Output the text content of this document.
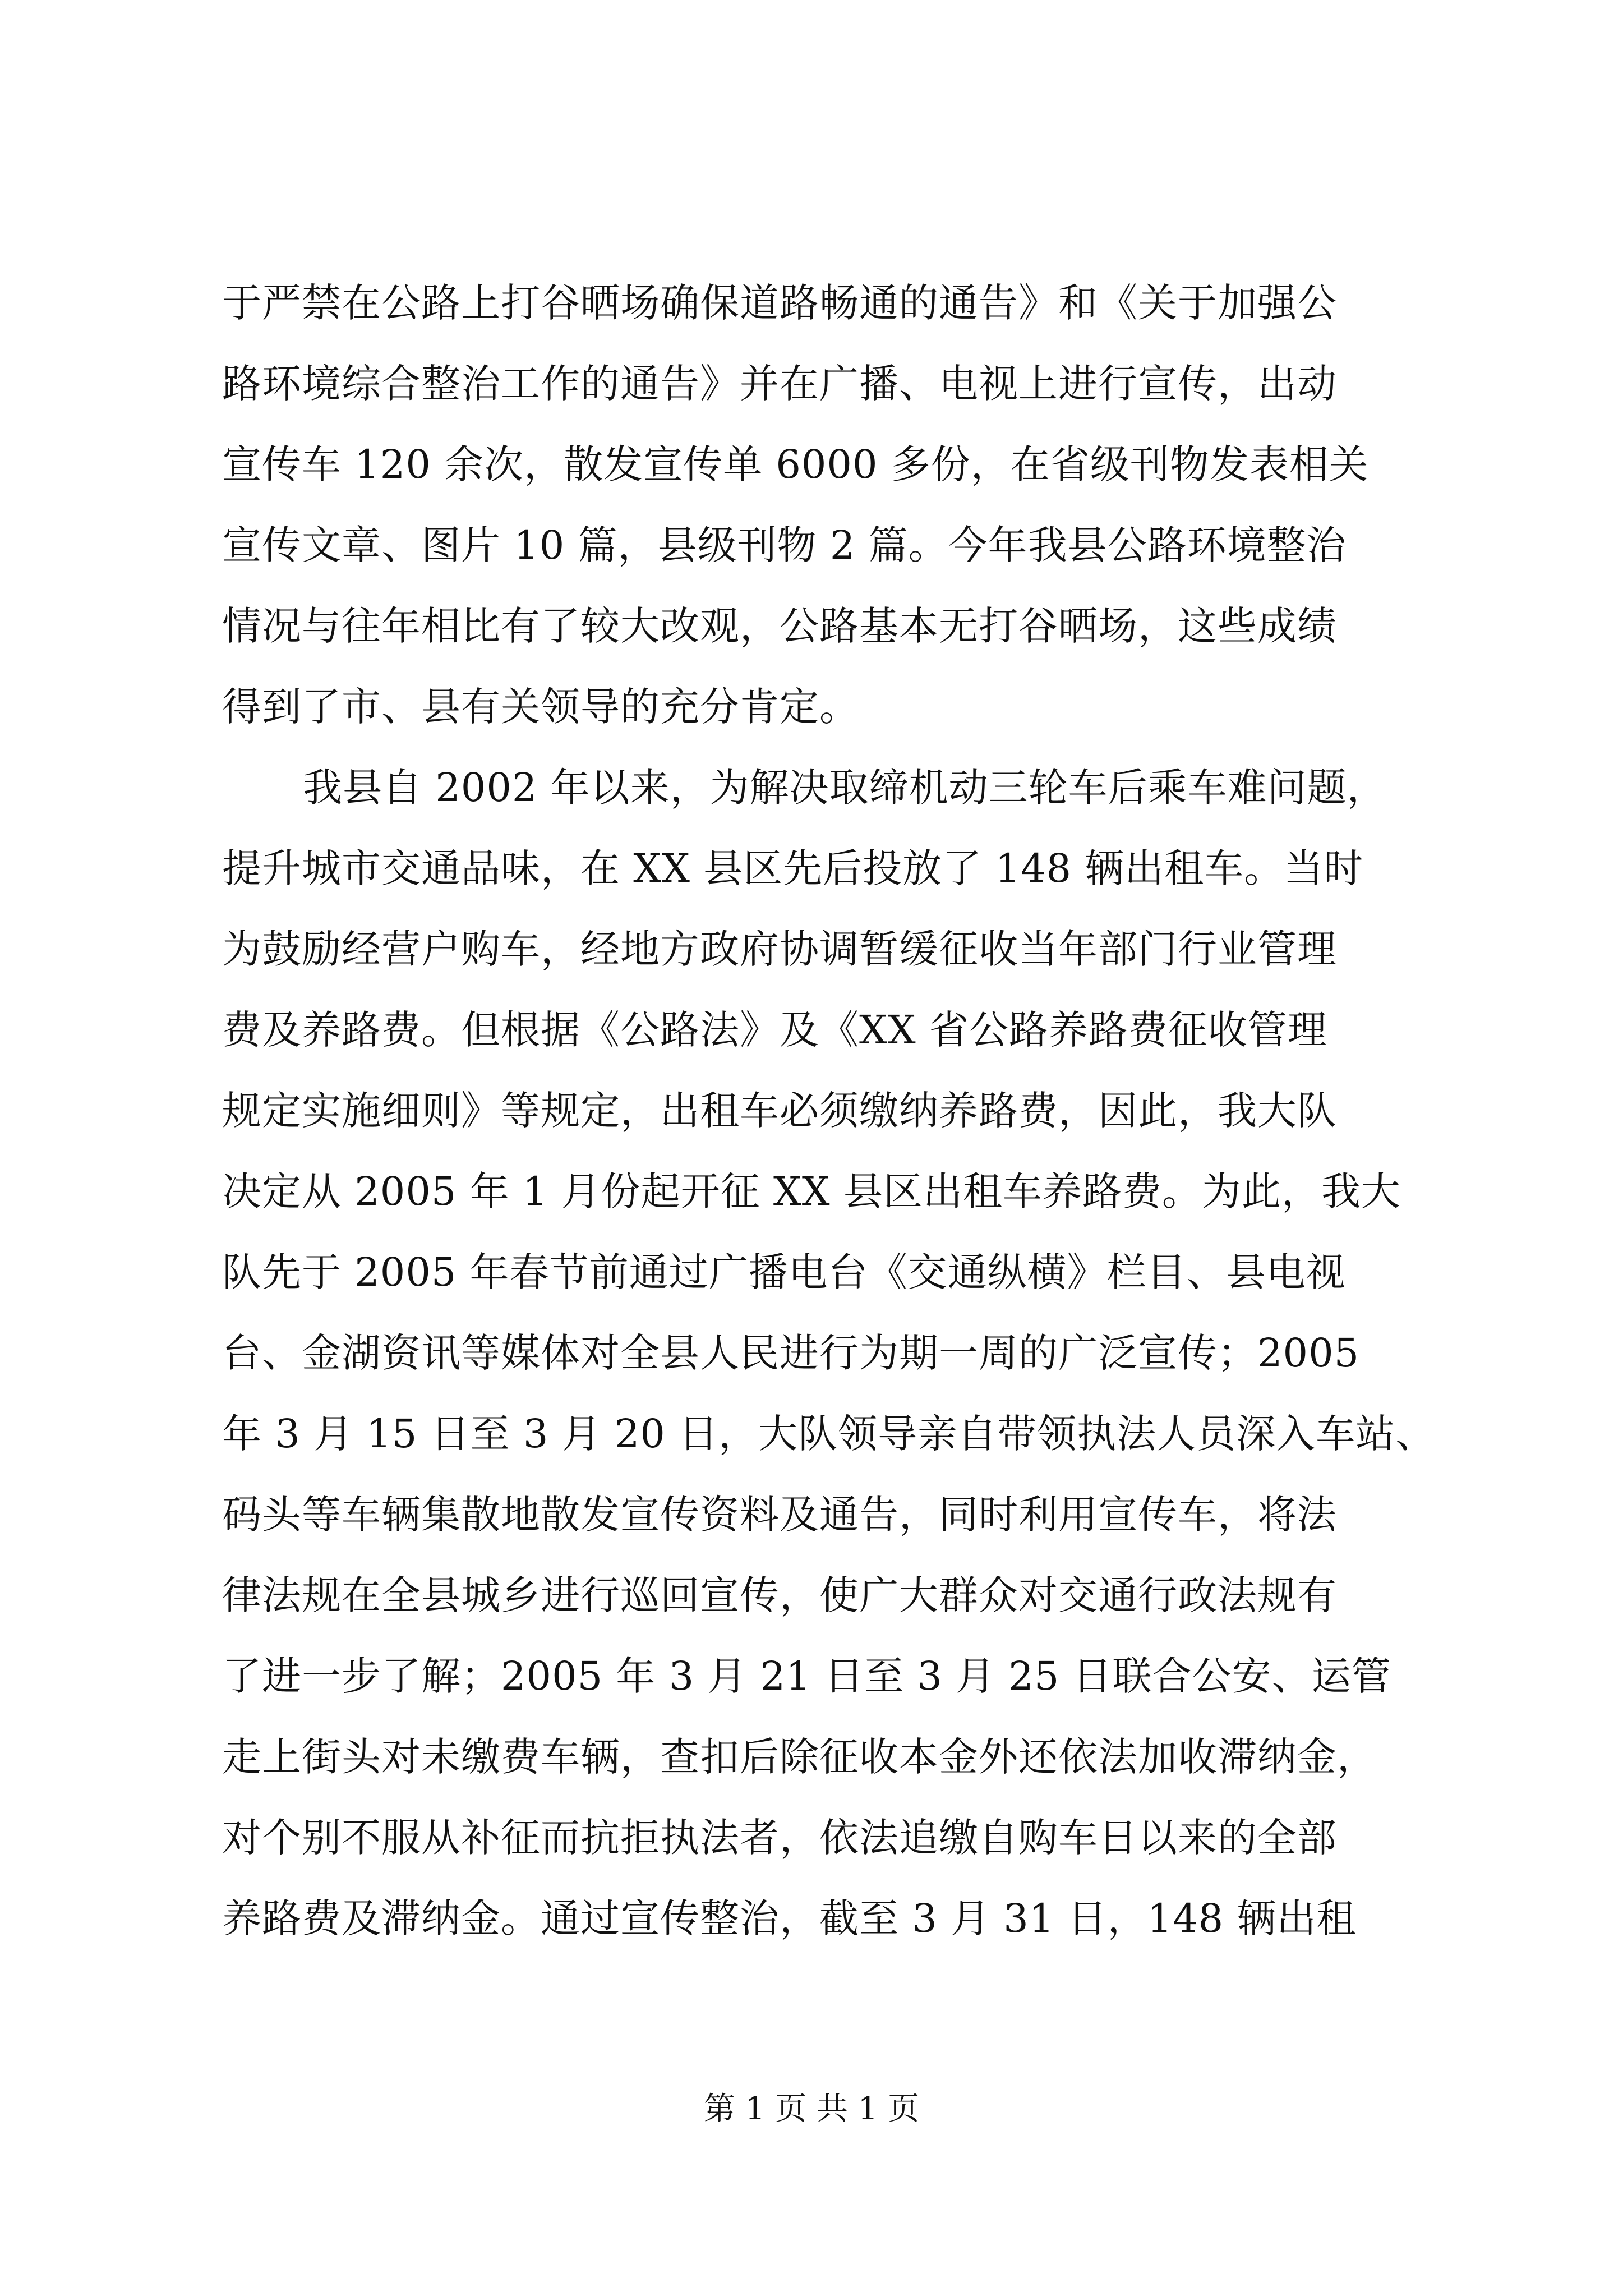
于严禁在公路上打谷晒场确保道路畅通的通告》和《关于加强公
路环境综合整治工作的通告》并在广播、电视上进行宣传，出动
宣传车 120 余次，散发宣传单 6000 多份，在省级刊物发表相关
宣传文章、图片 10 篇，县级刊物 2 篇。今年我县公路环境整治
情况与往年相比有了较大改观，公路基本无打谷晒场，这些成绩
得到了市、县有关领导的充分肯定。
我县自 2002 年以来，为解决取缔机动三轮车后乘车难问题，
提升城市交通品味，在 XX 县区先后投放了 148 辆出租车。当时
为鼓励经营户购车，经地方政府协调暂缓征收当年部门行业管理
费及养路费。但根据《公路法》及《XX 省公路养路费征收管理
规定实施细则》等规定，出租车必须缴纳养路费，因此，我大队
决定从 2005 年 1 月份起开征 XX 县区出租车养路费。为此，我大
队先于 2005 年春节前通过广播电台《交通纵横》栏目、县电视
台、金湖资讯等媒体对全县人民进行为期一周的广泛宣传；2005
年 3 月 15 日至 3 月 20 日，大队领导亲自带领执法人员深入车站、
码头等车辆集散地散发宣传资料及通告，同时利用宣传车，将法
律法规在全县城乡进行巡回宣传，使广大群众对交通行政法规有
了进一步了解；2005 年 3 月 21 日至 3 月 25 日联合公安、运管
走上街头对未缴费车辆，查扣后除征收本金外还依法加收滞纳金，
对个别不服从补征而抗拒执法者，依法追缴自购车日以来的全部
养路费及滞纳金。通过宣传整治，截至 3 月 31 日，148 辆出租
第 1 页 共 1 页
